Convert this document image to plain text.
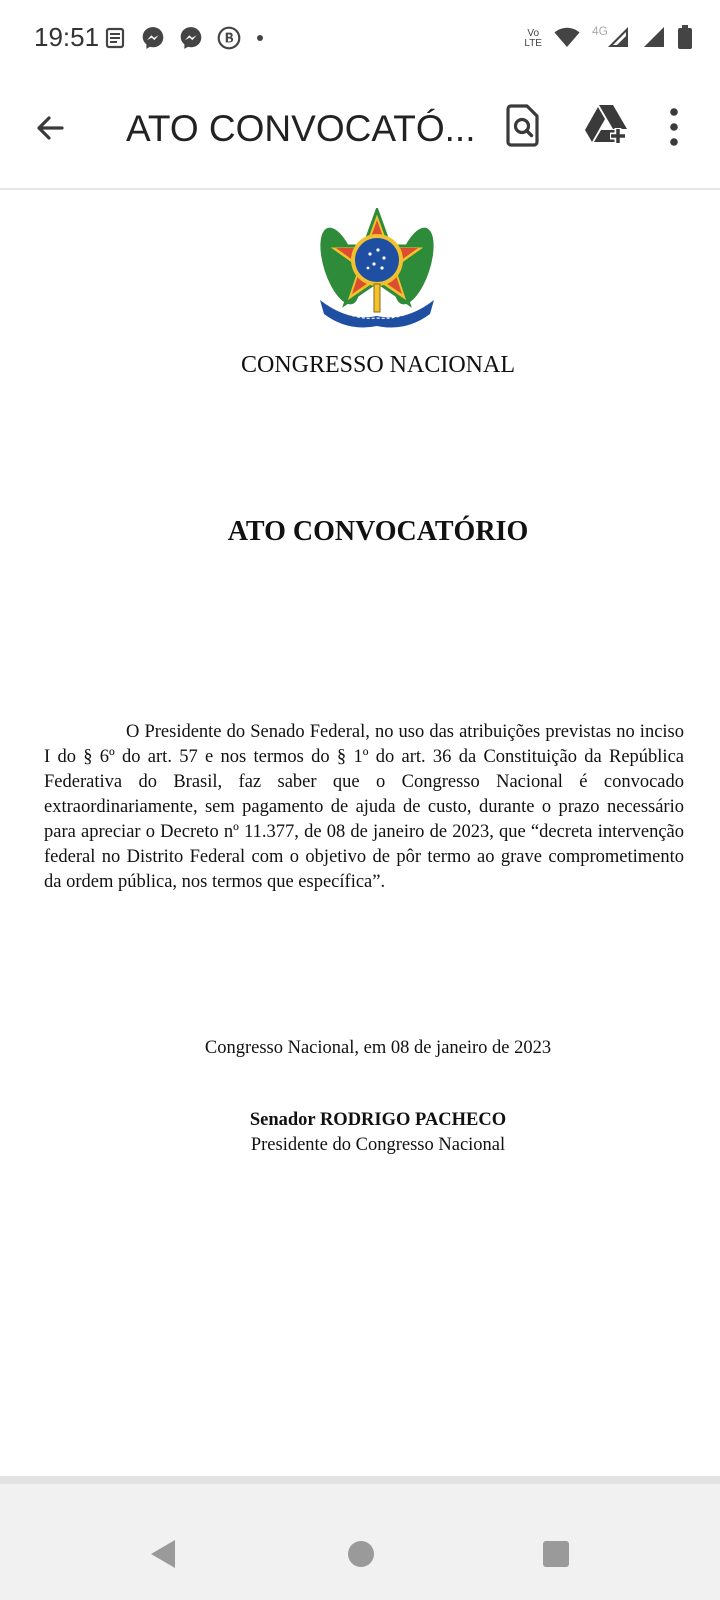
19:51	Vo
LTE
4G
ATO CONVOCATÓ...
CONGRESSO NACIONAL
ATO CONVOCATÓRIO
O Presidente do Senado Federal, no uso das atribuições previstas no inciso I do § 6º do art. 57 e nos termos do § 1º do art. 36 da Constituição da República Federativa do Brasil, faz saber que o Congresso Nacional é convocado extraordinariamente, sem pagamento de ajuda de custo, durante o prazo necessário para apreciar o Decreto nº 11.377, de 08 de janeiro de 2023, que “decreta intervenção federal no Distrito Federal com o objetivo de pôr termo ao grave comprometimento da ordem pública, nos termos que específica”.
Congresso Nacional, em 08 de janeiro de 2023
Senador RODRIGO PACHECO
Presidente do Congresso Nacional
